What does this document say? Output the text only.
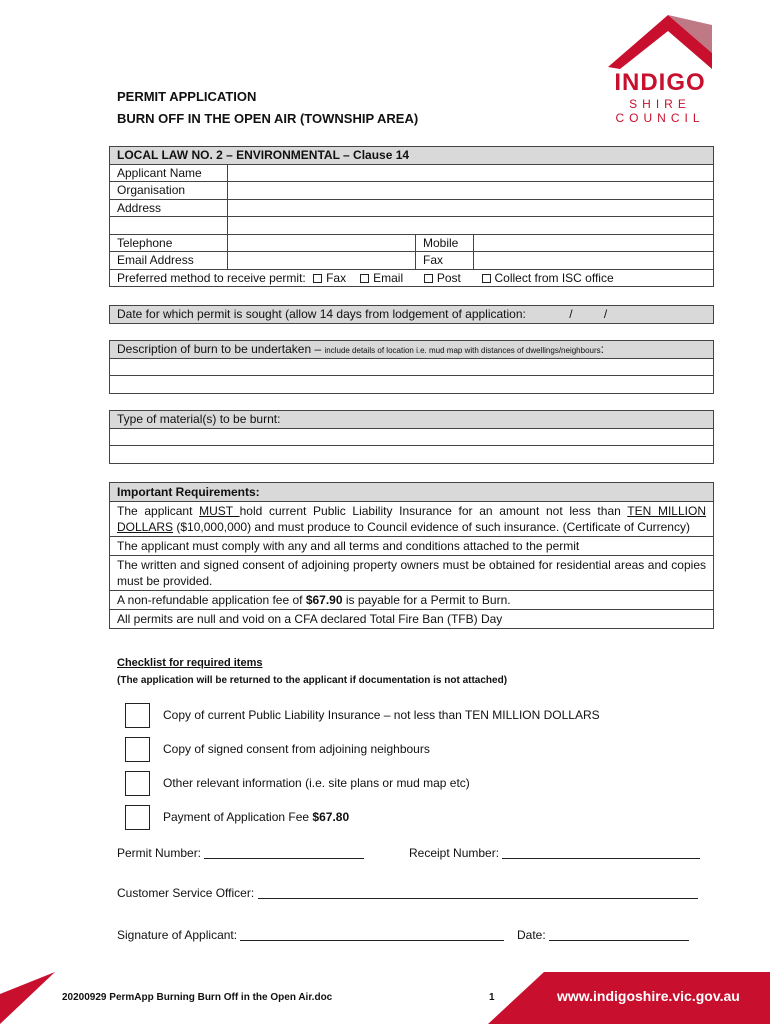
INDIGO
SHIRE
COUNCIL
PERMIT APPLICATION
BURN OFF IN THE OPEN AIR (TOWNSHIP AREA)
LOCAL LAW NO. 2 – ENVIRONMENTAL – Clause 14			
Applicant Name			
Organisation			
Address			

Telephone		Mobile	
Email Address		Fax	
Preferred method to receive permit: Fax Email Post Collect from ISC office			
Date for which permit is sought (allow 14 days from lodgement of application:	/	/
Description of burn to be undertaken – include details of location i.e. mud map with distances of dwellings/neighbours:

Type of material(s) to be burnt:

Important Requirements:
The applicant MUST hold current Public Liability Insurance for an amount not less than TEN MILLION DOLLARS ($10,000,000) and must produce to Council evidence of such insurance. (Certificate of Currency)
The applicant must comply with any and all terms and conditions attached to the permit
The written and signed consent of adjoining property owners must be obtained for residential areas and copies must be provided.
A non-refundable application fee of $67.90 is payable for a Permit to Burn.
All permits are null and void on a CFA declared Total Fire Ban (TFB) Day
Checklist for required items
(The application will be returned to the applicant if documentation is not attached)
Copy of current Public Liability Insurance – not less than TEN MILLION DOLLARS
Copy of signed consent from adjoining neighbours
Other relevant information (i.e. site plans or mud map etc)
Payment of Application Fee $67.80
Permit Number:	Receipt Number:
Customer Service Officer:
Signature of Applicant:	Date:
20200929 PermApp Burning Burn Off in the Open Air.doc	1	www.indigoshire.vic.gov.au
